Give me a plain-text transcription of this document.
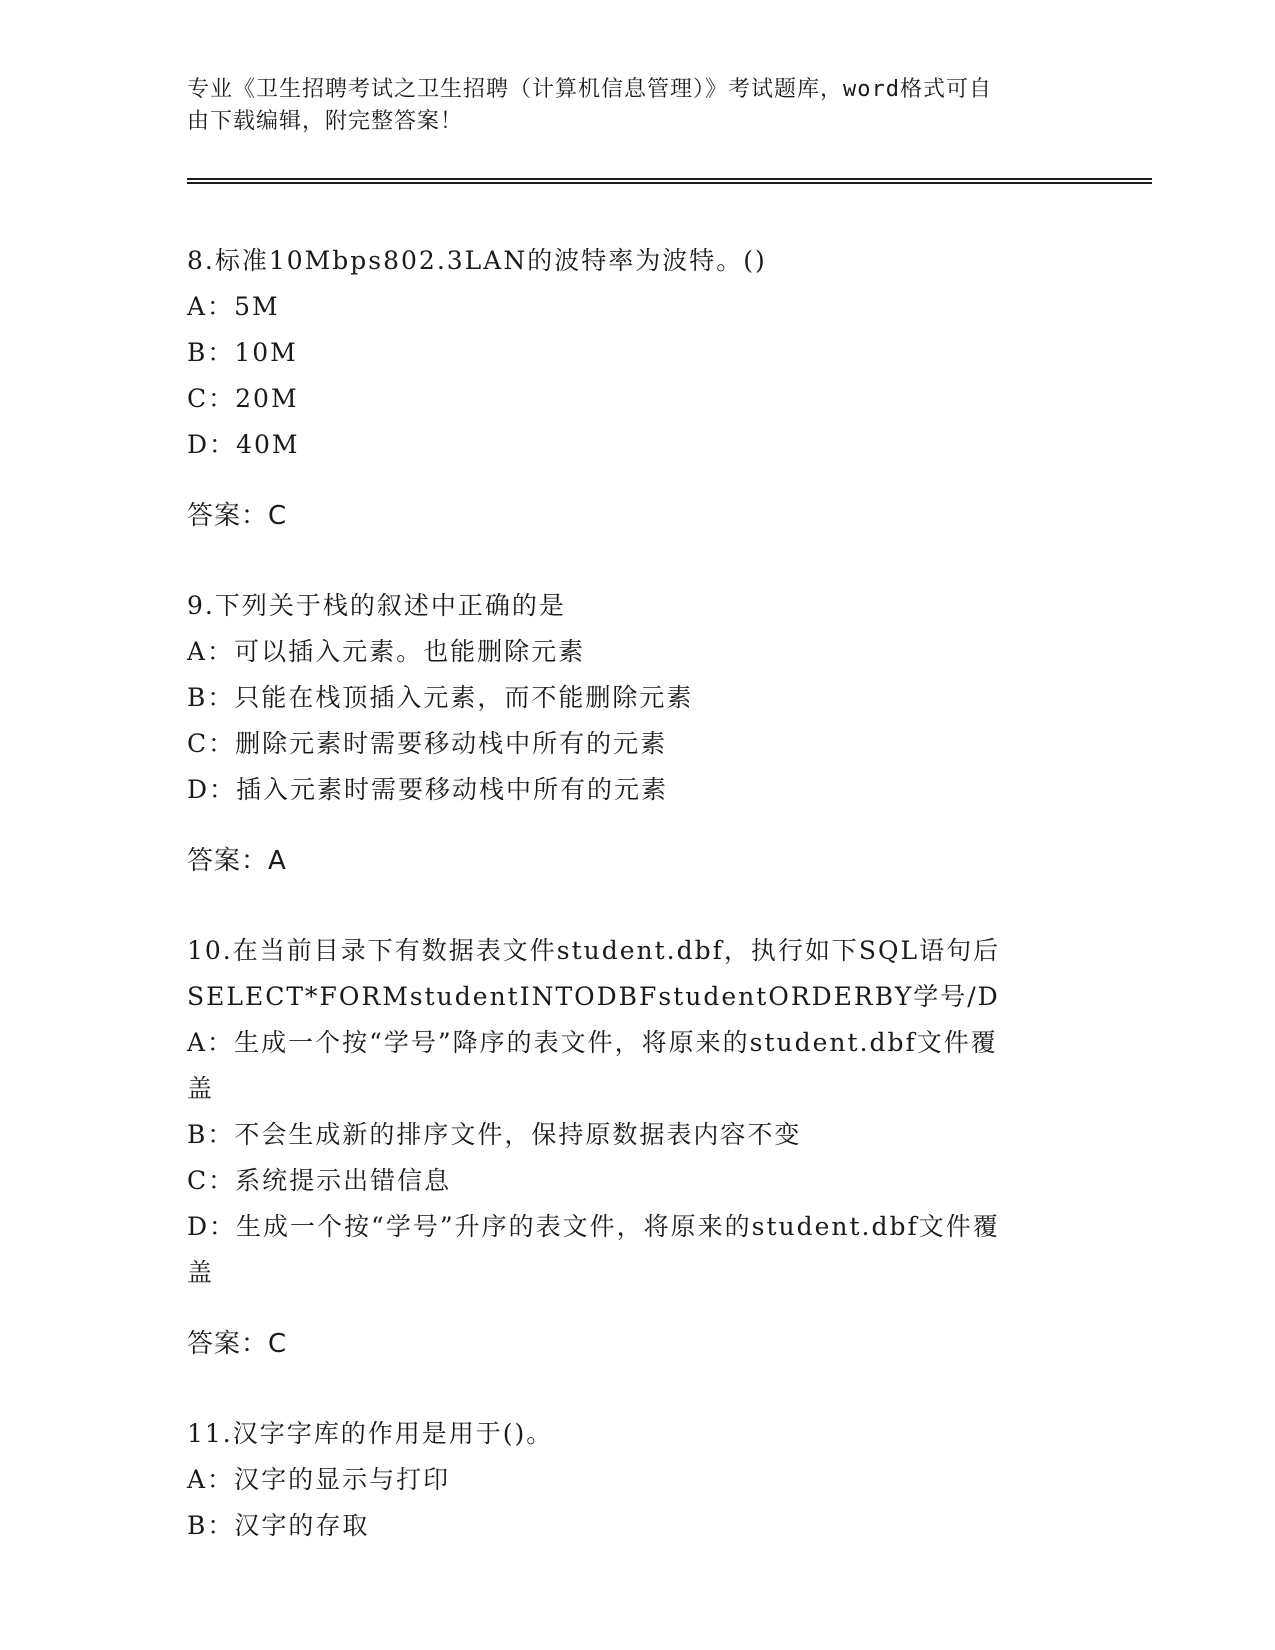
专业《卫生招聘考试之卫生招聘（计算机信息管理）》考试题库，word格式可自
由下载编辑，附完整答案！

8.标准10Mbps802.3LAN的波特率为波特。()

A：5M

B：10M

C：20M

D：40M

答案：C

9.下列关于栈的叙述中正确的是

A：可以插入元素。也能删除元素

B：只能在栈顶插入元素，而不能删除元素

C：删除元素时需要移动栈中所有的元素

D：插入元素时需要移动栈中所有的元素

答案：A

10.在当前目录下有数据表文件student.dbf，执行如下SQL语句后

SELECT*FORMstudentINTODBFstudentORDERBY学号/D

A：生成一个按“学号”降序的表文件，将原来的student.dbf文件覆

盖

B：不会生成新的排序文件，保持原数据表内容不变

C：系统提示出错信息

D：生成一个按“学号”升序的表文件，将原来的student.dbf文件覆

盖

答案：C

11.汉字字库的作用是用于()。

A：汉字的显示与打印

B：汉字的存取
